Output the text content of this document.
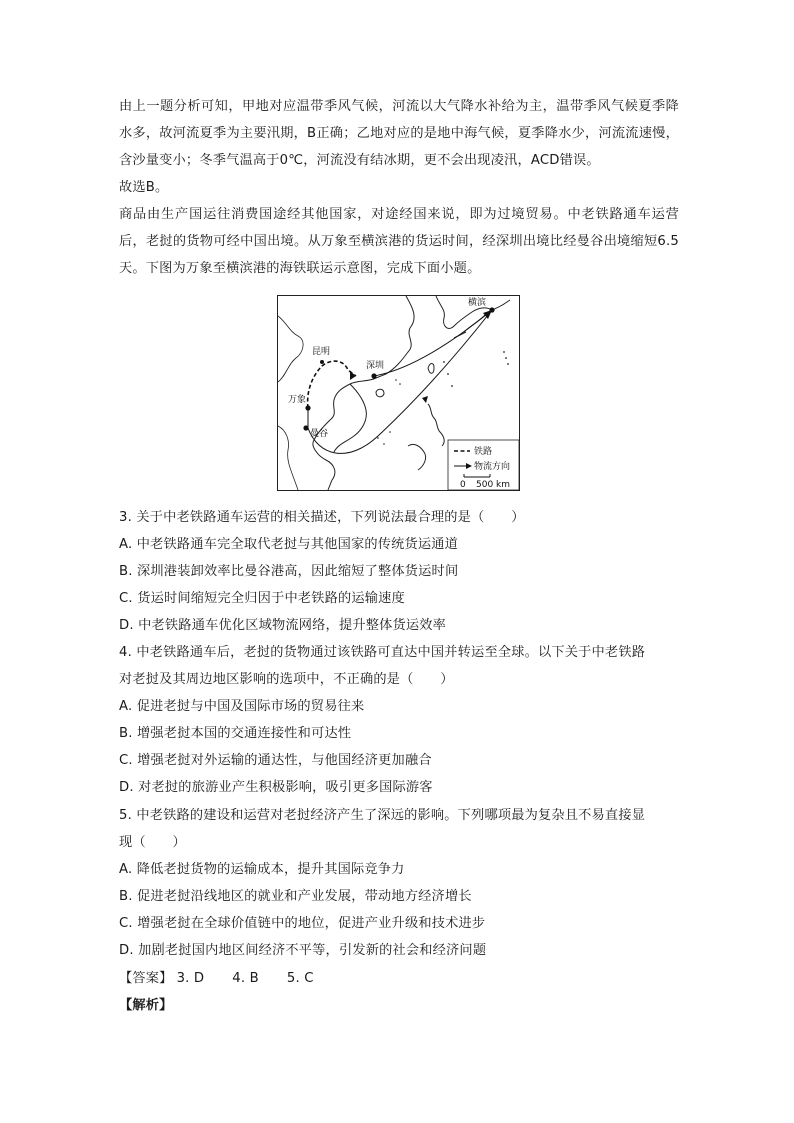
由上一题分析可知，甲地对应温带季风气候，河流以大气降水补给为主，温带季风气候夏季降水多，故河流夏季为主要汛期，B正确；乙地对应的是地中海气候，夏季降水少，河流流速慢，含沙量变小；冬季气温高于0℃，河流没有结冰期，更不会出现凌汛，ACD错误。
故选B。
商品由生产国运往消费国途经其他国家，对途经国来说，即为过境贸易。中老铁路通车运营后，老挝的货物可经中国出境。从万象至横滨港的货运时间，经深圳出境比经曼谷出境缩短6.5天。下图为万象至横滨港的海铁联运示意图，完成下面小题。
横滨
昆明
深圳
万象
曼谷
铁路
物流方向
0 500 km
3. 关于中老铁路通车运营的相关描述，下列说法最合理的是（　　）
A. 中老铁路通车完全取代老挝与其他国家的传统货运通道
B. 深圳港装卸效率比曼谷港高，因此缩短了整体货运时间
C. 货运时间缩短完全归因于中老铁路的运输速度
D. 中老铁路通车优化区域物流网络，提升整体货运效率
4. 中老铁路通车后，老挝的货物通过该铁路可直达中国并转运至全球。以下关于中老铁路
对老挝及其周边地区影响的选项中，不正确的是（　　）
A. 促进老挝与中国及国际市场的贸易往来
B. 增强老挝本国的交通连接性和可达性
C. 增强老挝对外运输的通达性，与他国经济更加融合
D. 对老挝的旅游业产生积极影响，吸引更多国际游客
5. 中老铁路的建设和运营对老挝经济产生了深远的影响。下列哪项最为复杂且不易直接显
现（　　）
A. 降低老挝货物的运输成本，提升其国际竞争力
B. 促进老挝沿线地区的就业和产业发展，带动地方经济增长
C. 增强老挝在全球价值链中的地位，促进产业升级和技术进步
D. 加剧老挝国内地区间经济不平等，引发新的社会和经济问题
【答案】 3. D 4. B 5. C
【解析】
